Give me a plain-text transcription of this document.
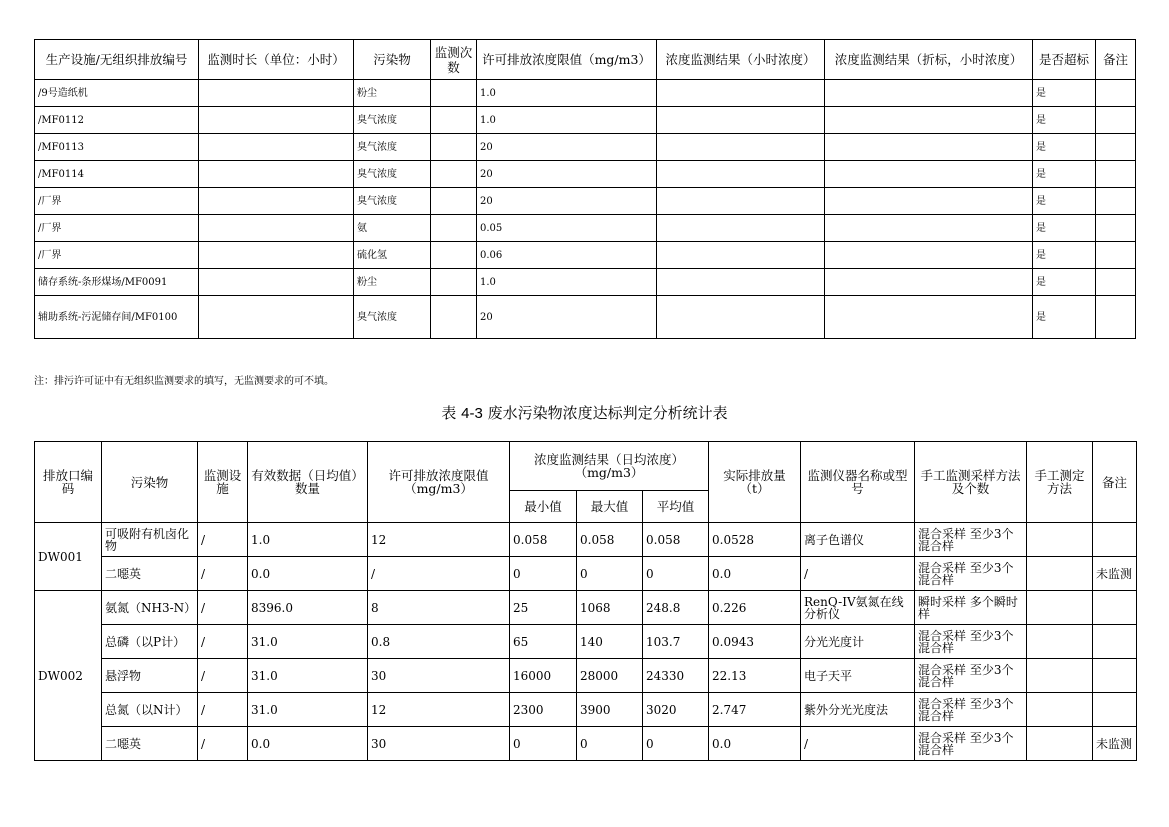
生产设施/无组织排放编号	监测时长（单位：小时）	污染物	监测次数	许可排放浓度限值（mg/m3）	浓度监测结果（小时浓度）	浓度监测结果（折标，小时浓度）	是否超标	备注
/9号造纸机		粉尘		1.0			是	
/MF0112		臭气浓度		1.0			是	
/MF0113		臭气浓度		20			是	
/MF0114		臭气浓度		20			是	
/厂界		臭气浓度		20			是	
/厂界		氨		0.05			是	
/厂界		硫化氢		0.06			是	
储存系统-条形煤场/MF0091		粉尘		1.0			是	
辅助系统-污泥储存间/MF0100		臭气浓度		20			是	
注：排污许可证中有无组织监测要求的填写，无监测要求的可不填。
表 4-3 废水污染物浓度达标判定分析统计表
排放口编码	污染物	监测设施	有效数据（日均值）数量	许可排放浓度限值（mg/m3）	浓度监测结果（日均浓度）（mg/m3）			实际排放量（t）	监测仪器名称或型号	手工监测采样方法及个数	手工测定方法	备注
					最小值	最大值	平均值					
DW001	可吸附有机卤化物	/	1.0	12	0.058	0.058	0.058	0.0528	离子色谱仪	混合采样 至少3个混合样		
	二噁英	/	0.0	/	0	0	0	0.0	/	混合采样 至少3个混合样		未监测
DW002	氨氮（NH3-N）	/	8396.0	8	25	1068	248.8	0.226	RenQ-IV氨氮在线分析仪	瞬时采样 多个瞬时样		
	总磷（以P计）	/	31.0	0.8	65	140	103.7	0.0943	分光光度计	混合采样 至少3个混合样		
	悬浮物	/	31.0	30	16000	28000	24330	22.13	电子天平	混合采样 至少3个混合样		
	总氮（以N计）	/	31.0	12	2300	3900	3020	2.747	紫外分光光度法	混合采样 至少3个混合样		
	二噁英	/	0.0	30	0	0	0	0.0	/	混合采样 至少3个混合样		未监测
